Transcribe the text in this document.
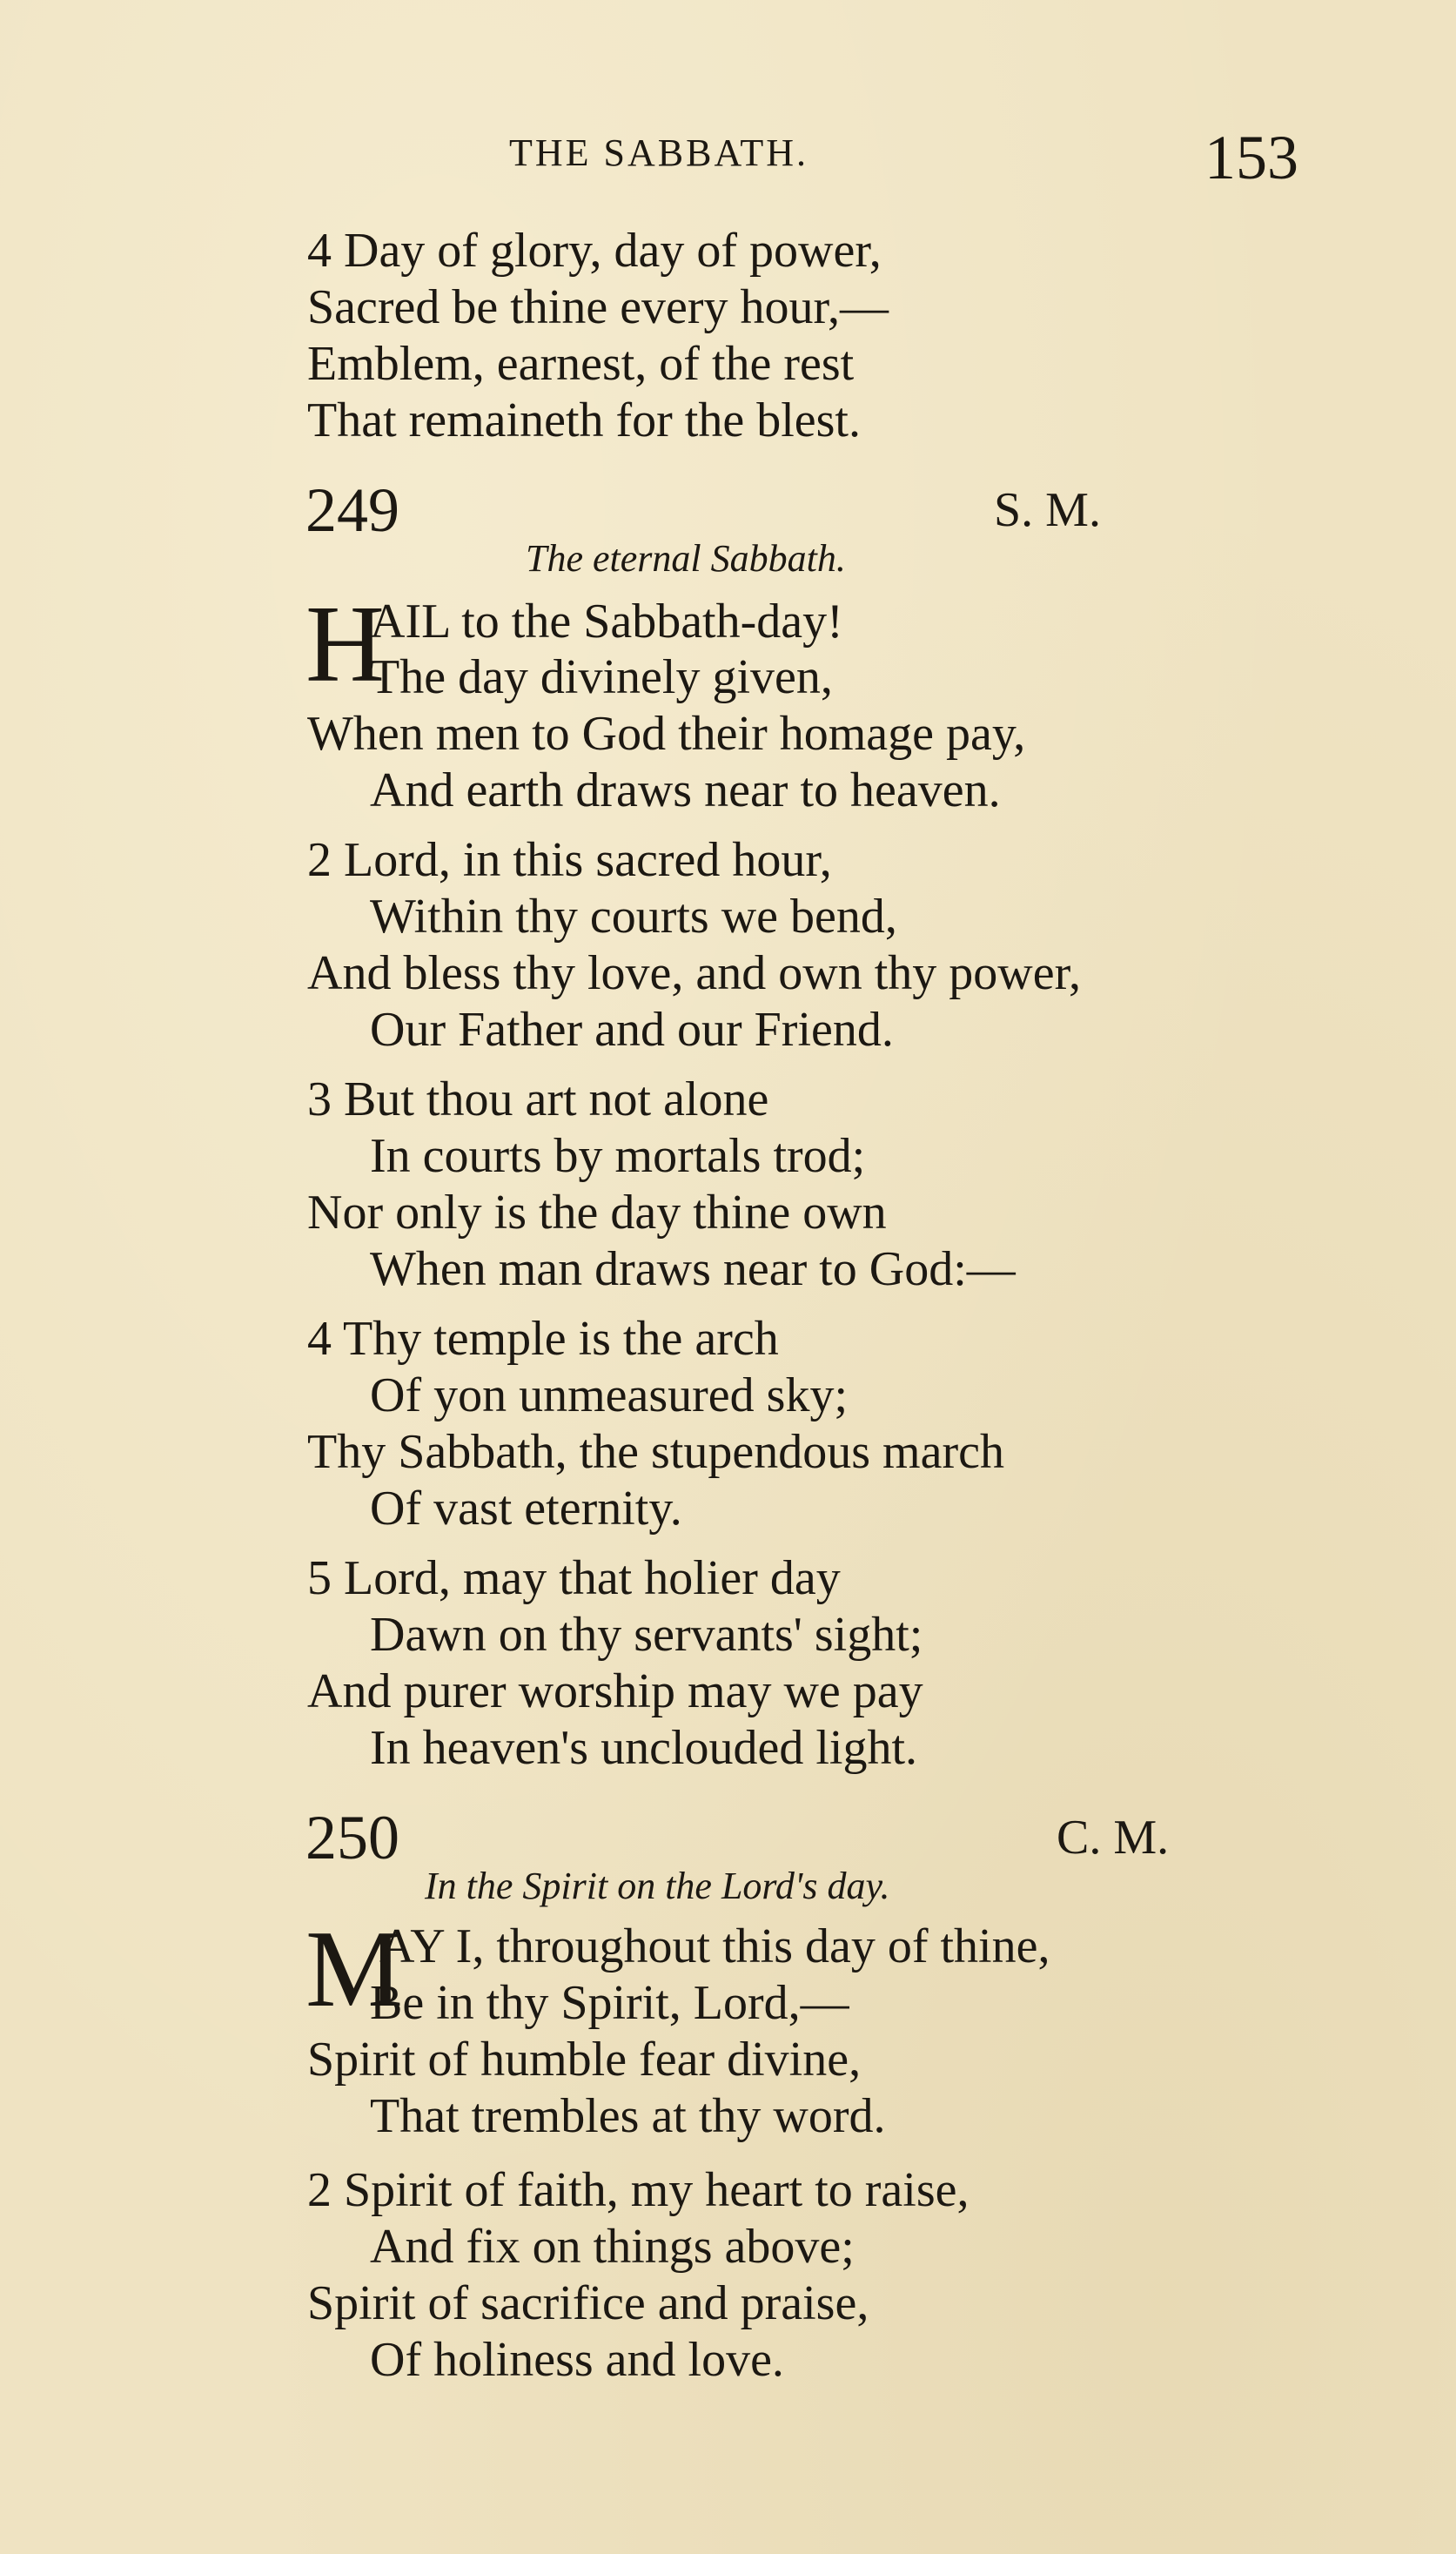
THE SABBATH.	153
4 Day of glory, day of power,
Sacred be thine every hour,—
Emblem, earnest, of the rest
That remaineth for the blest.
249	S. M.
The eternal Sabbath.
H
AIL to the Sabbath-day!
The day divinely given,
When men to God their homage pay,
And earth draws near to heaven.
2 Lord, in this sacred hour,
Within thy courts we bend,
And bless thy love, and own thy power,
Our Father and our Friend.
3 But thou art not alone
In courts by mortals trod;
Nor only is the day thine own
When man draws near to God:—
4 Thy temple is the arch
Of yon unmeasured sky;
Thy Sabbath, the stupendous march
Of vast eternity.
5 Lord, may that holier day
Dawn on thy servants' sight;
And purer worship may we pay
In heaven's unclouded light.
250	C. M.
In the Spirit on the Lord's day.
M
AY I, throughout this day of thine,
Be in thy Spirit, Lord,—
Spirit of humble fear divine,
That trembles at thy word.
2 Spirit of faith, my heart to raise,
And fix on things above;
Spirit of sacrifice and praise,
Of holiness and love.
